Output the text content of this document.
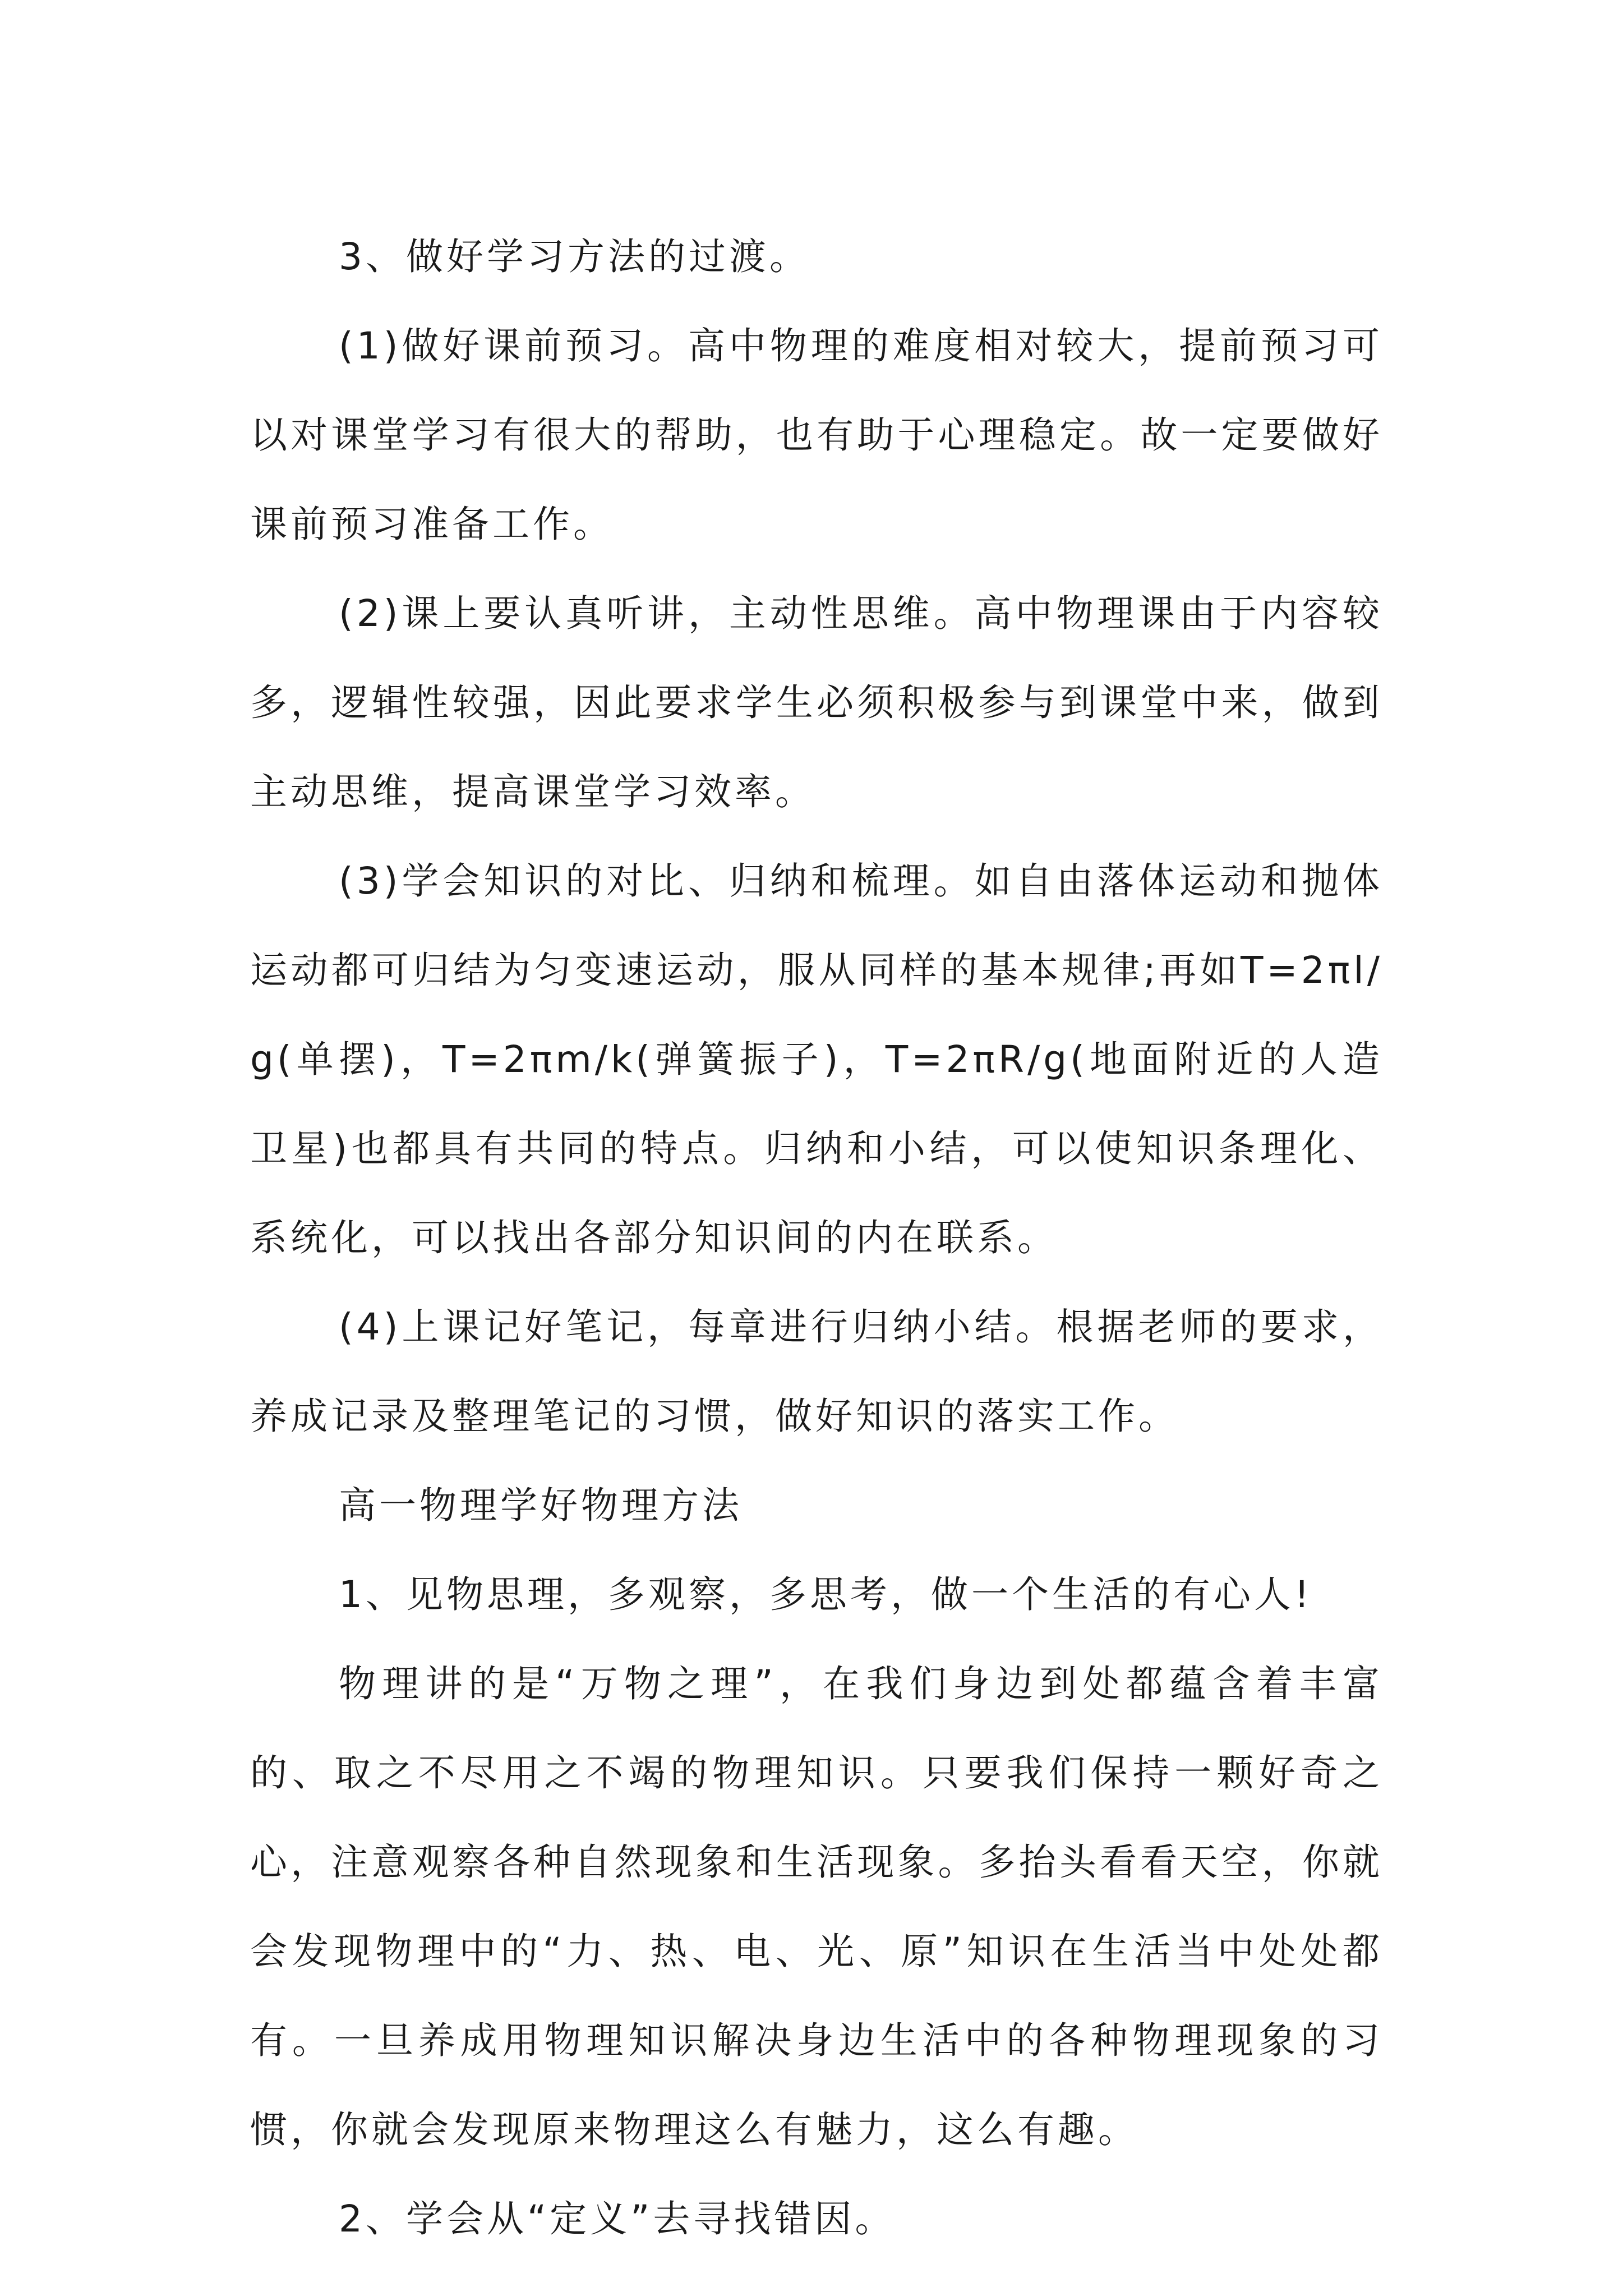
3、做好学习方法的过渡。

(1)做好课前预习。高中物理的难度相对较大，提前预习可以对课堂学习有很大的帮助，也有助于心理稳定。故一定要做好课前预习准备工作。

(2)课上要认真听讲，主动性思维。高中物理课由于内容较多，逻辑性较强，因此要求学生必须积极参与到课堂中来，做到主动思维，提高课堂学习效率。

(3)学会知识的对比、归纳和梳理。如自由落体运动和抛体运动都可归结为匀变速运动，服从同样的基本规律;再如T=2πl/g(单摆)，T=2πm/k(弹簧振子)，T=2πR/g(地面附近的人造卫星)也都具有共同的特点。归纳和小结，可以使知识条理化、系统化，可以找出各部分知识间的内在联系。

(4)上课记好笔记，每章进行归纳小结。根据老师的要求，养成记录及整理笔记的习惯，做好知识的落实工作。

高一物理学好物理方法

1、见物思理，多观察，多思考，做一个生活的有心人!

物理讲的是“万物之理”，在我们身边到处都蕴含着丰富的、取之不尽用之不竭的物理知识。只要我们保持一颗好奇之心，注意观察各种自然现象和生活现象。多抬头看看天空，你就会发现物理中的“力、热、电、光、原”知识在生活当中处处都有。一旦养成用物理知识解决身边生活中的各种物理现象的习惯，你就会发现原来物理这么有魅力，这么有趣。

2、学会从“定义”去寻找错因。
